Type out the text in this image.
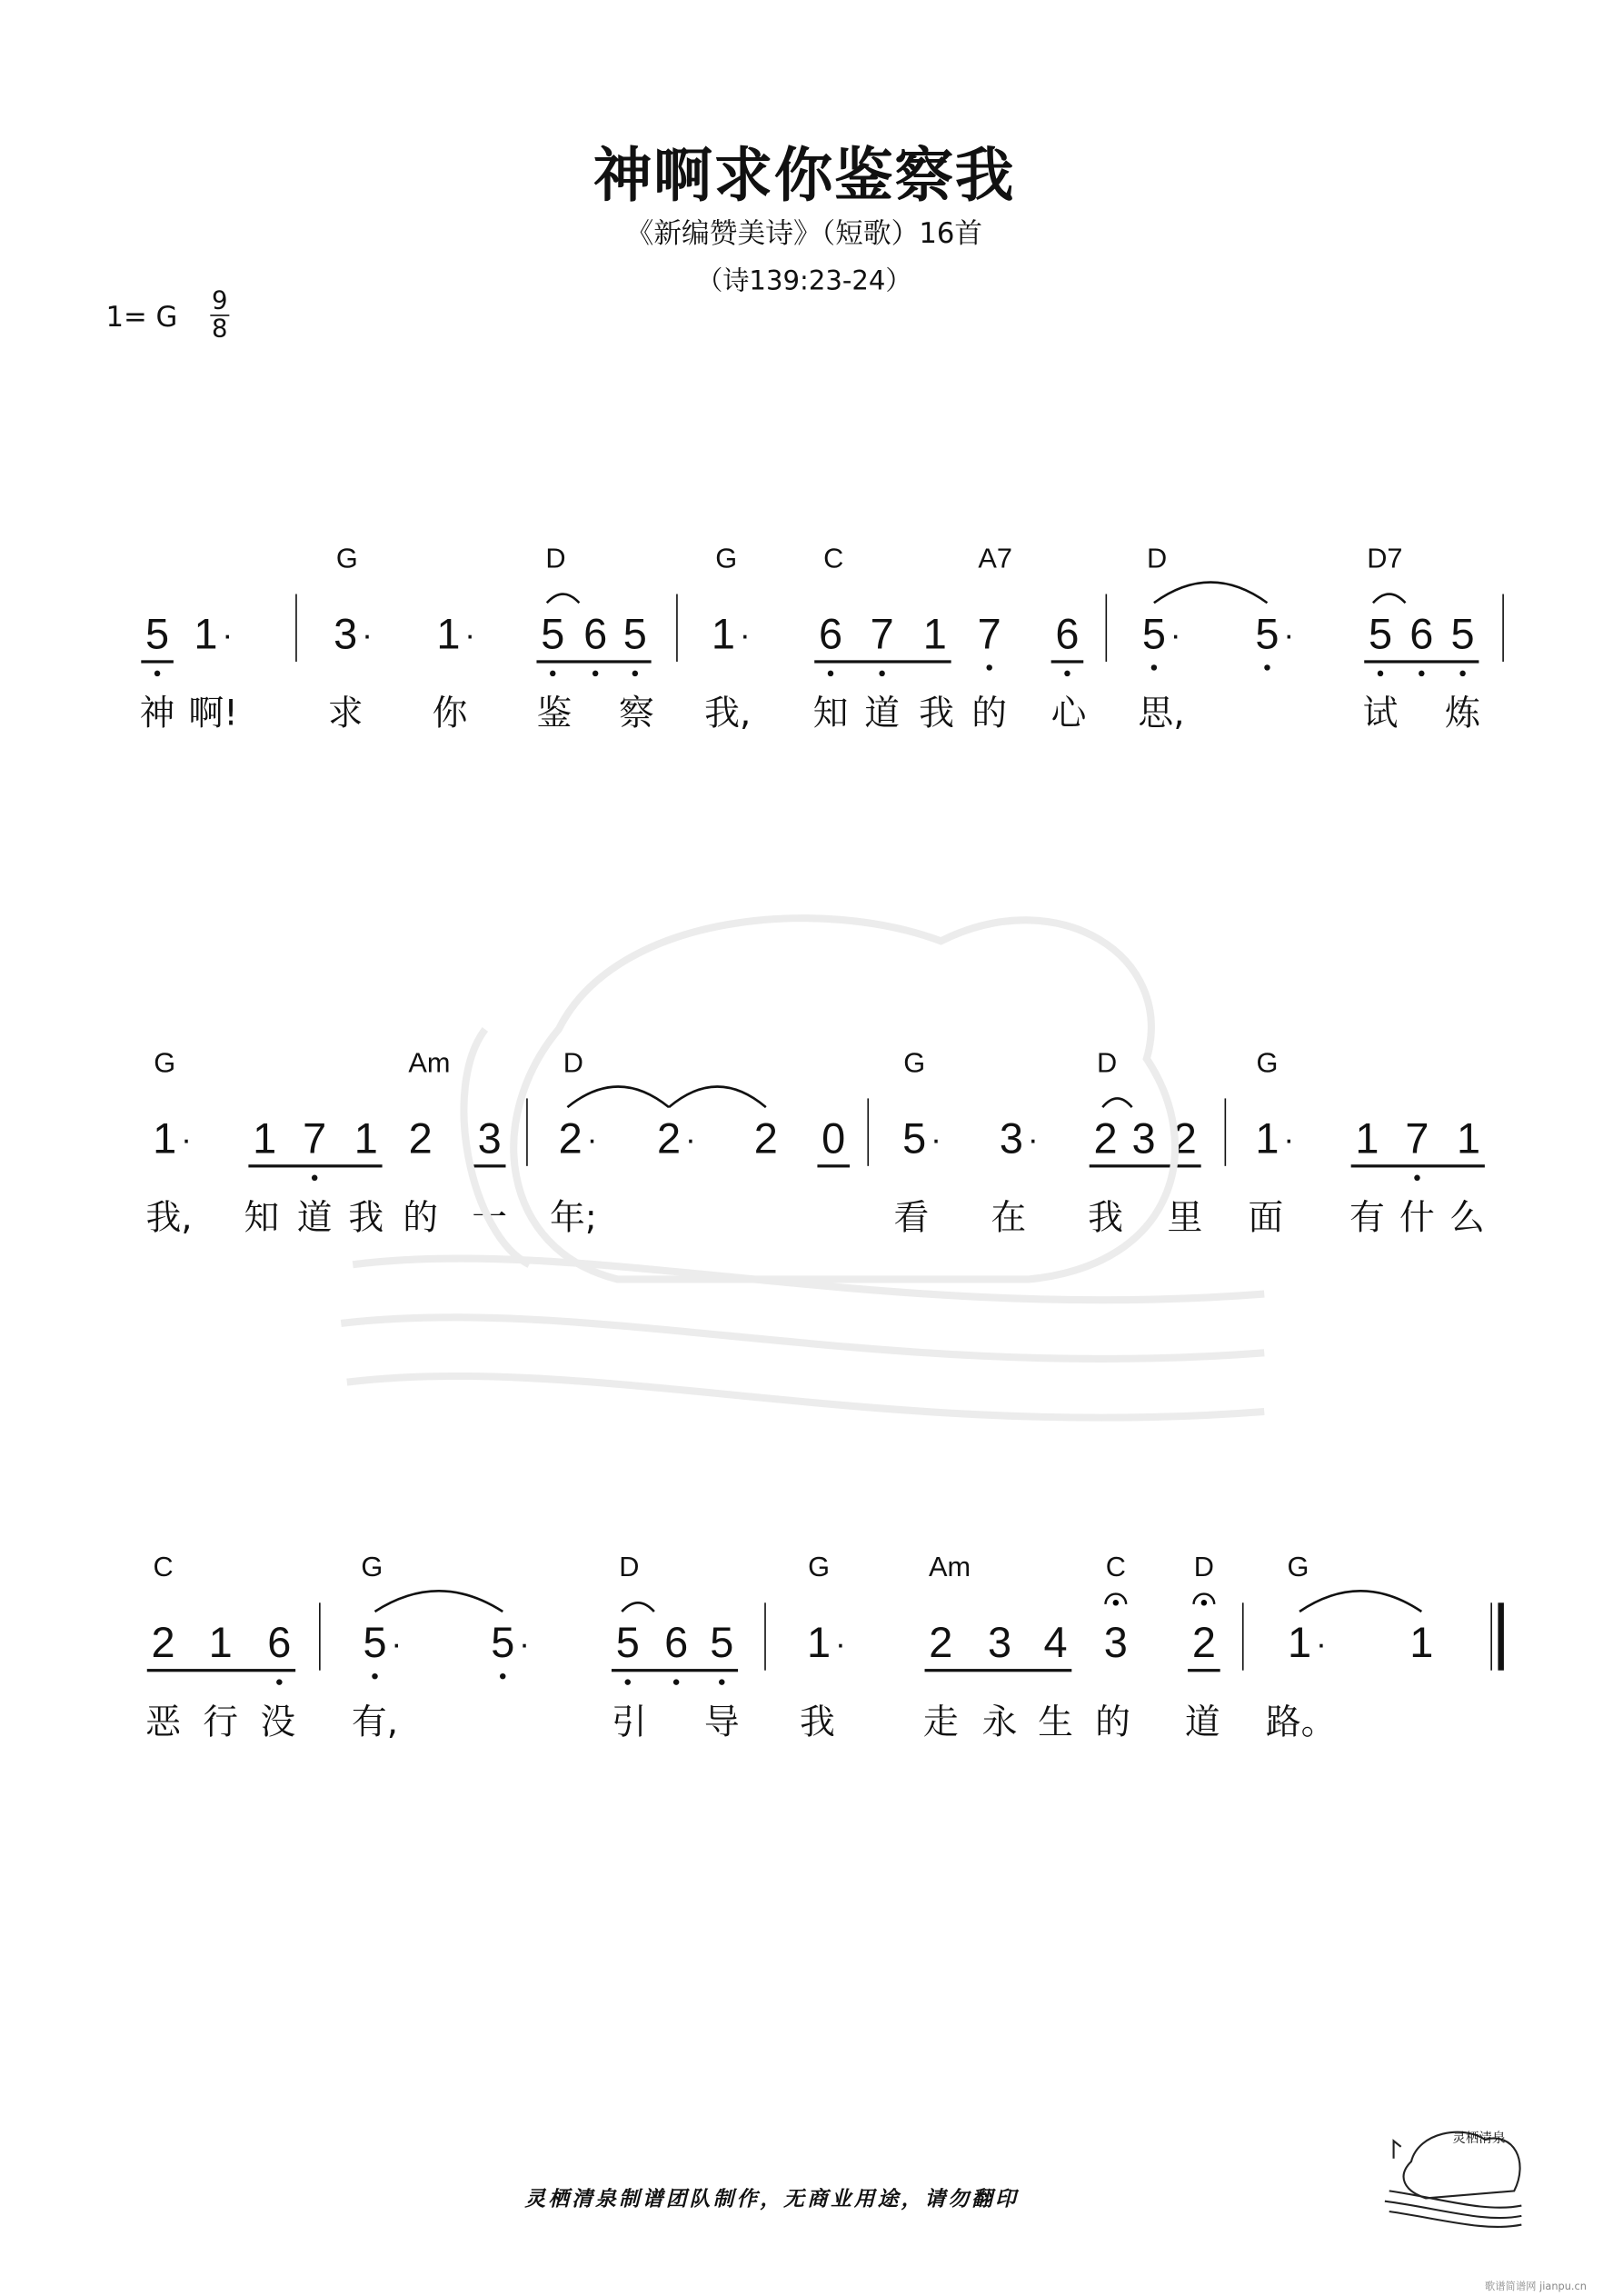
神啊求你鉴察我
《新编赞美诗》（短歌）16首
（诗139:23-24）
1= G $\frac{9}{8}$
G	D	G	C	A7	D	D7
神 啊!	求	你	鉴 察 我,	知 道 我 的 心 思,	试 炼
5 1 ·	3 · 1 · 5 6 5 1 ·	6 7 1 7 6 5 ·	5 ·	5 6 5
G	Am	D	G	D	G
我, 知 道 我 的 一 年;	看	在	我 里 面	有 什 么
1 · 1 7 1 2 3 2 · 2 · 2 0 5 · 3 · 2 3 2 1 · 1 7 1
C	G	D	G	Am	C	D	G
恶 行 没	有,	引	导	我	走 永 生 的 道 路。
2 1 6	5 ·	5 ·	5 6 5	1 ·	2 3 4 3 2	1 ·	1
灵栖清泉
灵栖清泉制谱团队制作，无商业用途，请勿翻印
歌谱简谱网 jianpu.cn
